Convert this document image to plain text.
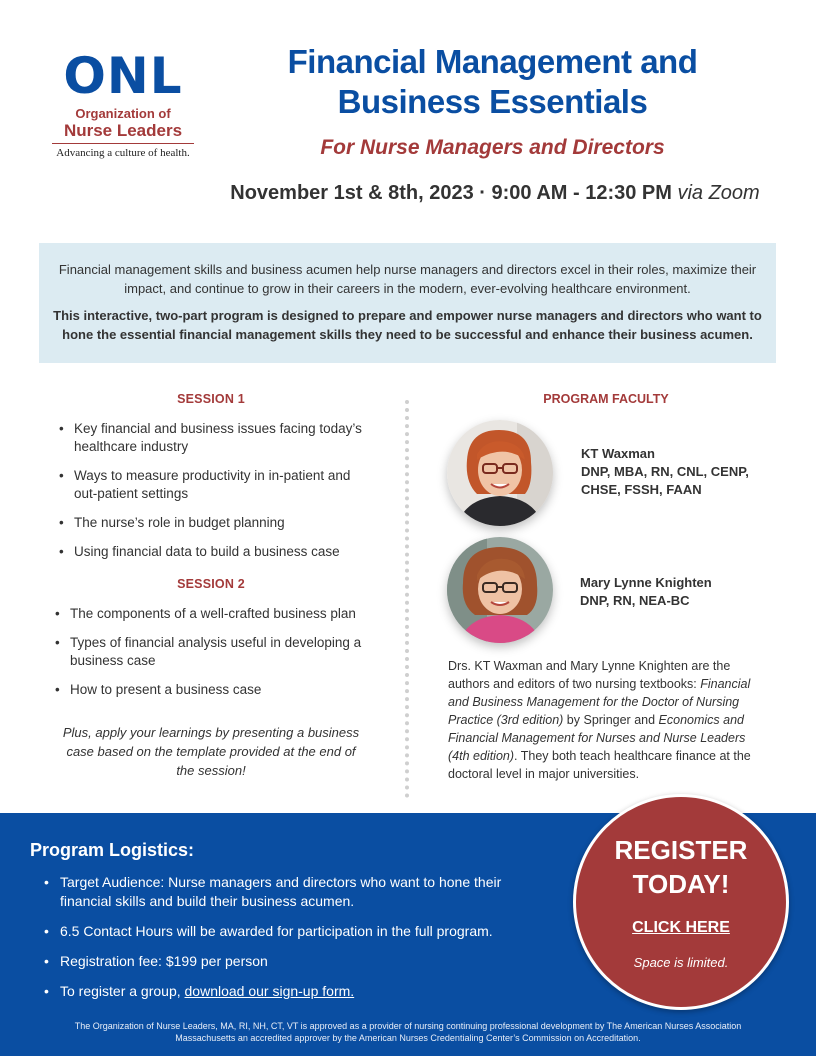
ONL
Organization of
Nurse Leaders
Advancing a culture of health.
Financial Management and
Business Essentials
For Nurse Managers and Directors
November 1st & 8th, 2023 · 9:00 AM - 12:30 PM via Zoom

Financial management skills and business acumen help nurse managers and directors excel in their roles, maximize their impact, and continue to grow in their careers in the modern, ever-evolving healthcare environment.

This interactive, two-part program is designed to prepare and empower nurse managers and directors who want to hone the essential financial management skills they need to be successful and enhance their business acumen.

SESSION 1
• Key financial and business issues facing today’s healthcare industry
• Ways to measure productivity in in-patient and out-patient settings
• The nurse’s role in budget planning
• Using financial data to build a business case
SESSION 2
• The components of a well-crafted business plan
• Types of financial analysis useful in developing a business case
• How to present a business case
Plus, apply your learnings by presenting a business case based on the template provided at the end of the session!
PROGRAM FACULTY
KT Waxman
DNP, MBA, RN, CNL, CENP,
CHSE, FSSH, FAAN
Mary Lynne Knighten
DNP, RN, NEA-BC
Drs. KT Waxman and Mary Lynne Knighten are the authors and editors of two nursing textbooks: Financial and Business Management for the Doctor of Nursing Practice (3rd edition) by Springer and Economics and Financial Management for Nurses and Nurse Leaders (4th edition). They both teach healthcare finance at the doctoral level in major universities.
Program Logistics:
• Target Audience: Nurse managers and directors who want to hone their financial skills and build their business acumen.
• 6.5 Contact Hours will be awarded for participation in the full program.
• Registration fee: $199 per person
• To register a group, download our sign-up form.
The Organization of Nurse Leaders, MA, RI, NH, CT, VT is approved as a provider of nursing continuing professional development by The American Nurses Association Massachusetts an accredited approver by the American Nurses Credentialing Center’s Commission on Accreditation.
REGISTER
TODAY!
CLICK HERE
Space is limited.
